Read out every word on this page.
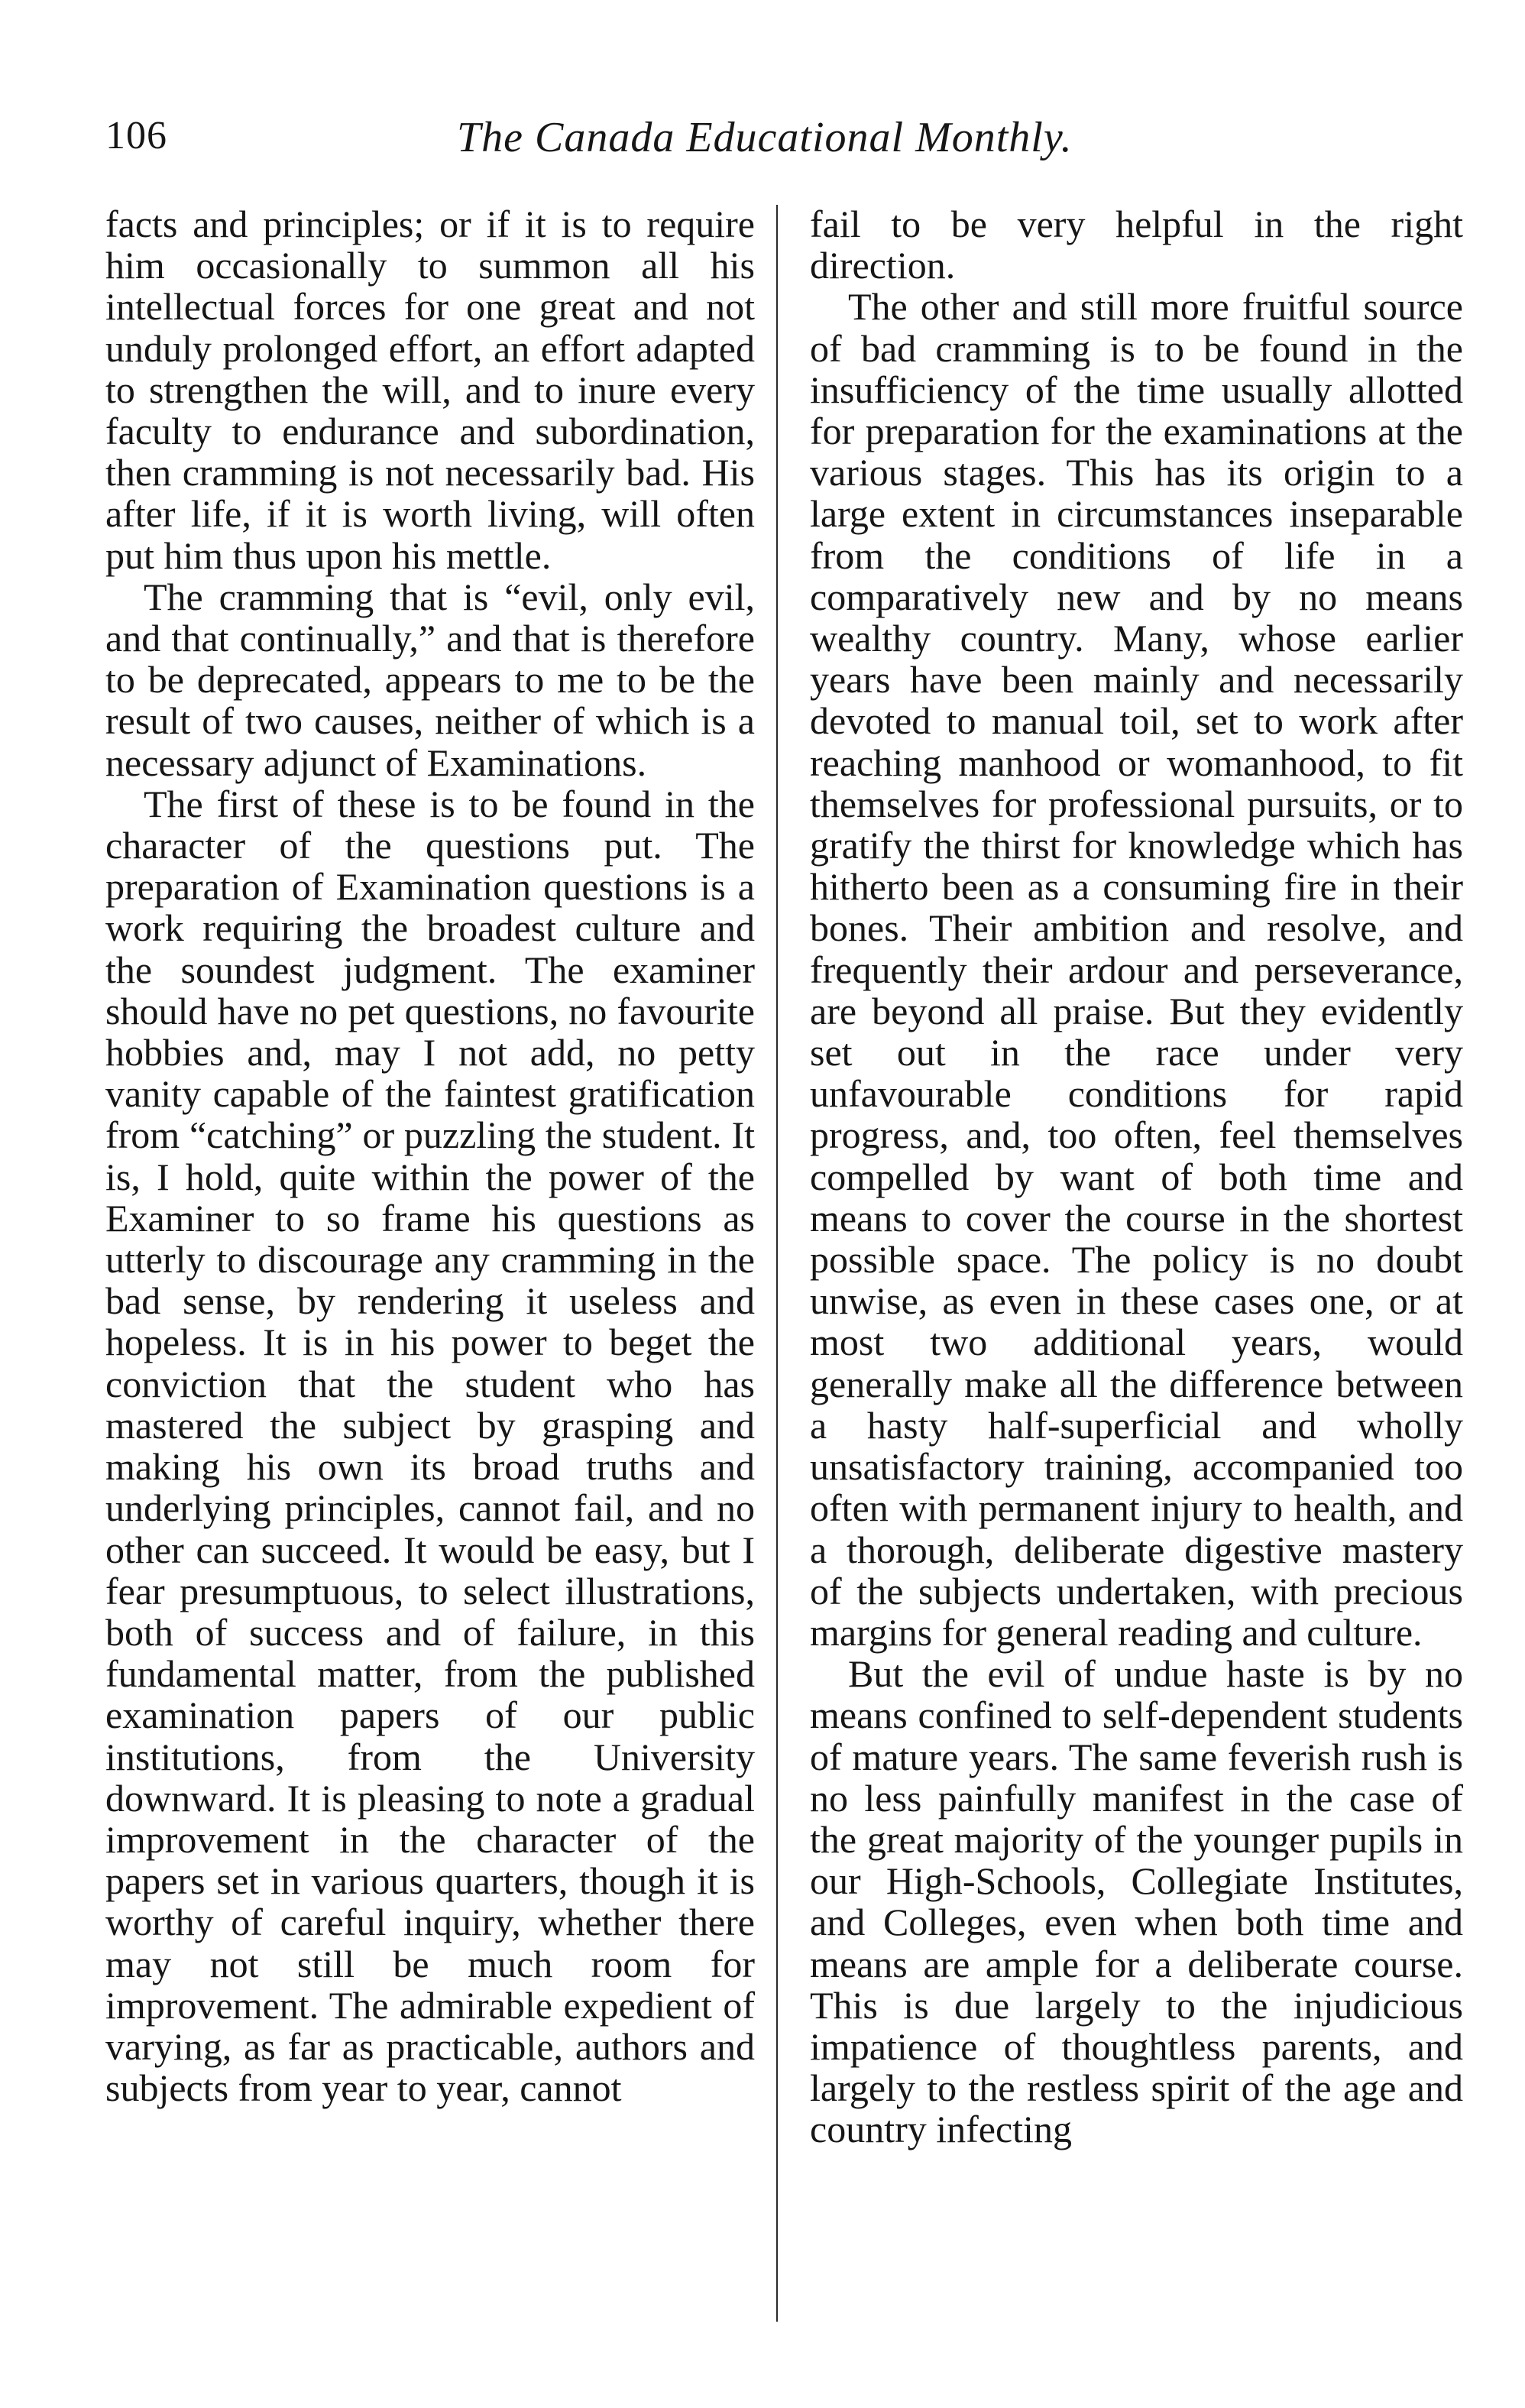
106	The Canada Educational Monthly.

facts and principles; or if it is to require him occasionally to summon all his intellectual forces for one great and not unduly prolonged effort, an effort adapted to strengthen the will, and to inure every faculty to endurance and subordination, then cramming is not necessarily bad. His after life, if it is worth living, will often put him thus upon his mettle.

The cramming that is “evil, only evil, and that continually,” and that is therefore to be deprecated, appears to me to be the result of two causes, neither of which is a necessary adjunct of Examinations.

The first of these is to be found in the character of the questions put. The preparation of Examination questions is a work requiring the broadest culture and the soundest judgment. The examiner should have no pet questions, no favourite hobbies and, may I not add, no petty vanity capable of the faintest gratification from “catching” or puzzling the student. It is, I hold, quite within the power of the Examiner to so frame his questions as utterly to discourage any cramming in the bad sense, by rendering it useless and hopeless. It is in his power to beget the conviction that the student who has mastered the subject by grasping and making his own its broad truths and underlying principles, cannot fail, and no other can succeed. It would be easy, but I fear presumptuous, to select illustrations, both of success and of failure, in this fundamental matter, from the published examination papers of our public institutions, from the University downward. It is pleasing to note a gradual improvement in the character of the papers set in various quarters, though it is worthy of careful inquiry, whether there may not still be much room for improvement. The admirable expedient of varying, as far as practicable, authors and subjects from year to year, cannot

fail to be very helpful in the right direction.

The other and still more fruitful source of bad cramming is to be found in the insufficiency of the time usually allotted for preparation for the examinations at the various stages. This has its origin to a large extent in circumstances inseparable from the conditions of life in a comparatively new and by no means wealthy country. Many, whose earlier years have been mainly and necessarily devoted to manual toil, set to work after reaching manhood or womanhood, to fit themselves for professional pursuits, or to gratify the thirst for knowledge which has hitherto been as a consuming fire in their bones. Their ambition and resolve, and frequently their ardour and perseverance, are beyond all praise. But they evidently set out in the race under very unfavourable conditions for rapid progress, and, too often, feel themselves compelled by want of both time and means to cover the course in the shortest possible space. The policy is no doubt unwise, as even in these cases one, or at most two additional years, would generally make all the difference between a hasty half-superficial and wholly unsatisfactory training, accompanied too often with permanent injury to health, and a thorough, deliberate digestive mastery of the subjects undertaken, with precious margins for general reading and culture.

But the evil of undue haste is by no means confined to self-dependent students of mature years. The same feverish rush is no less painfully manifest in the case of the great majority of the younger pupils in our High-Schools, Collegiate Institutes, and Colleges, even when both time and means are ample for a deliberate course. This is due largely to the injudicious impatience of thoughtless parents, and largely to the restless spirit of the age and country infecting
